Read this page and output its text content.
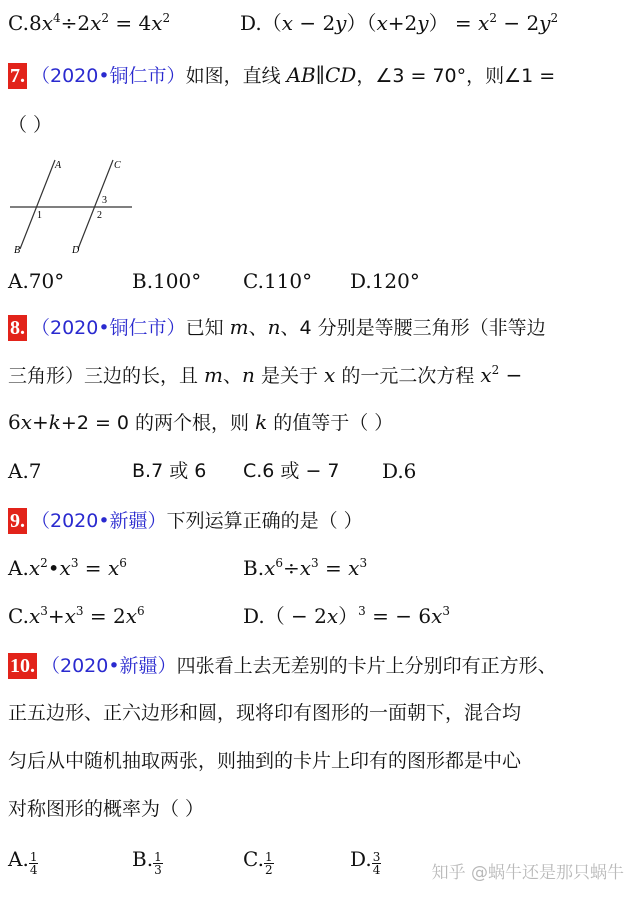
$C.8x^4\div 2x^2 = 4x^2$	$D.(x - 2y)(x+2y) = x^2 - 2y^2$
7. （2020•铜仁市）如图，直线 AB∥CD，∠3 = 70°，则∠1 =
（ ）
A	C
3
1	2
B	D
A.70°	B.100° C.110° D.120°
8. （2020•铜仁市）已知 m、n、4 分别是等腰三角形（非等边
三角形）三边的长，且 m、n 是关于 x 的一元二次方程 $x^2$ −
6x+k+2 = 0 的两个根，则 k 的值等于（ ）
A.7	B.7 或 6 C.6 或 − 7 D.6
9. （2020•新疆）下列运算正确的是（ ）
$A.x^2•x^3 = x^6$	$B.x^6\div x^3 = x^3$
$C.x^3+x^3 = 2x^6$	$D.( - 2x)^3$ = − $6x^3$
10. （2020•新疆）四张看上去无差别的卡片上分别印有正方形、
正五边形、正六边形和圆，现将印有图形的一面朝下，混合均
匀后从中随机抽取两张，则抽到的卡片上印有的图形都是中心
对称图形的概率为（ ）
A. $\frac{1}{4}$	B. $\frac{1}{3}$	C. $\frac{1}{2}$	D. $\frac{3}{4}$	知乎 @蜗牛还是那只蜗牛
